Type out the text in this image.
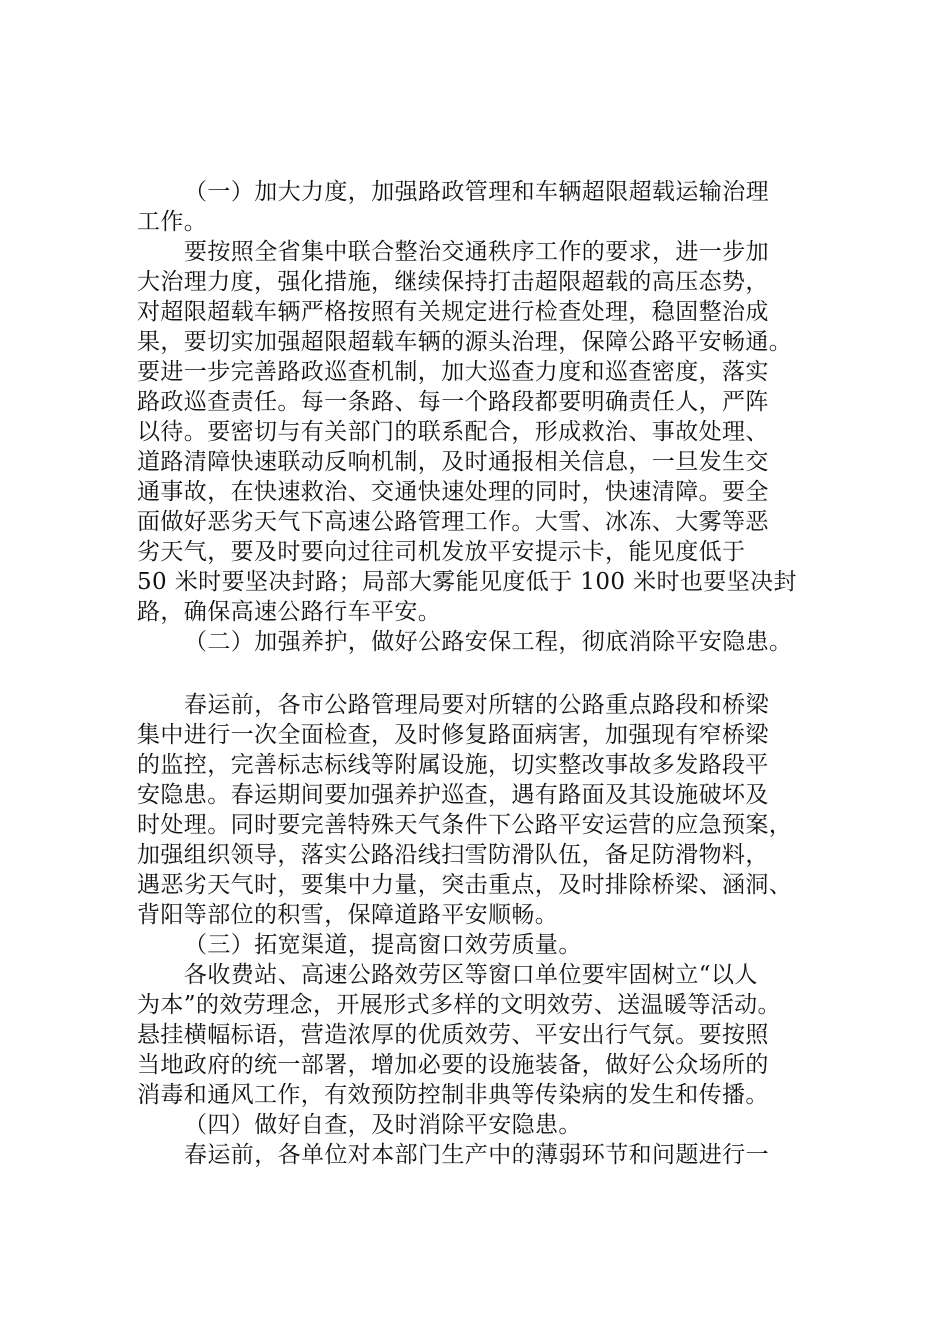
（一）加大力度，加强路政管理和车辆超限超载运输治理
工作。
要按照全省集中联合整治交通秩序工作的要求，进一步加
大治理力度，强化措施，继续保持打击超限超载的高压态势，
对超限超载车辆严格按照有关规定进行检查处理，稳固整治成
果，要切实加强超限超载车辆的源头治理，保障公路平安畅通。
要进一步完善路政巡查机制，加大巡查力度和巡查密度，落实
路政巡查责任。每一条路、每一个路段都要明确责任人，严阵
以待。要密切与有关部门的联系配合，形成救治、事故处理、
道路清障快速联动反响机制，及时通报相关信息，一旦发生交
通事故，在快速救治、交通快速处理的同时，快速清障。要全
面做好恶劣天气下高速公路管理工作。大雪、冰冻、大雾等恶
劣天气，要及时要向过往司机发放平安提示卡，能见度低于
50 米时要坚决封路；局部大雾能见度低于 100 米时也要坚决封
路，确保高速公路行车平安。
（二）加强养护，做好公路安保工程，彻底消除平安隐患。
春运前，各市公路管理局要对所辖的公路重点路段和桥梁
集中进行一次全面检查，及时修复路面病害，加强现有窄桥梁
的监控，完善标志标线等附属设施，切实整改事故多发路段平
安隐患。春运期间要加强养护巡查，遇有路面及其设施破坏及
时处理。同时要完善特殊天气条件下公路平安运营的应急预案，
加强组织领导，落实公路沿线扫雪防滑队伍，备足防滑物料，
遇恶劣天气时，要集中力量，突击重点，及时排除桥梁、涵洞、
背阳等部位的积雪，保障道路平安顺畅。
（三）拓宽渠道，提高窗口效劳质量。
各收费站、高速公路效劳区等窗口单位要牢固树立“以人
为本”的效劳理念，开展形式多样的文明效劳、送温暖等活动。
悬挂横幅标语，营造浓厚的优质效劳、平安出行气氛。要按照
当地政府的统一部署，增加必要的设施装备，做好公众场所的
消毒和通风工作，有效预防控制非典等传染病的发生和传播。
（四）做好自查，及时消除平安隐患。
春运前，各单位对本部门生产中的薄弱环节和问题进行一
